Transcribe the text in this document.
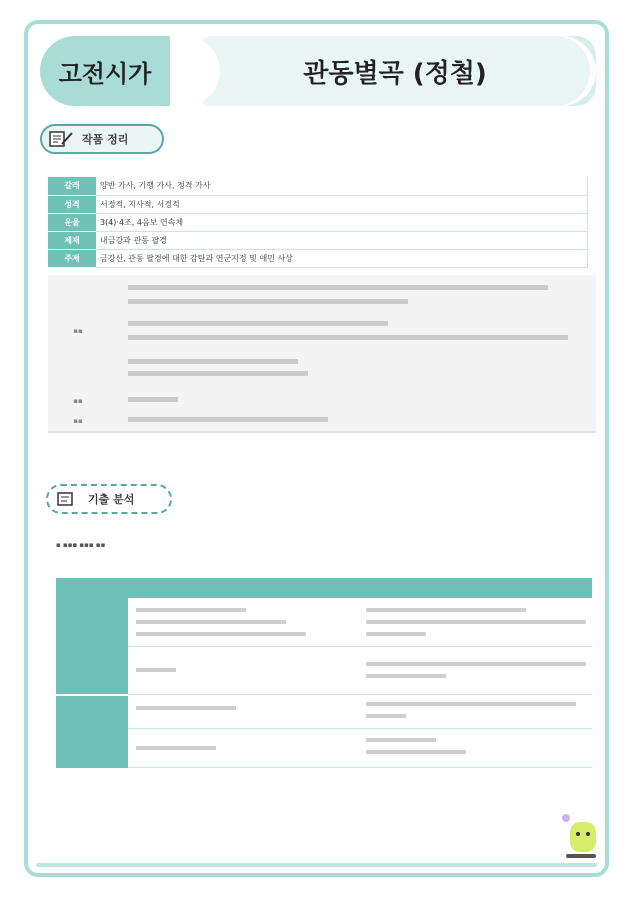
관동별곡 (정철)
고전시가
작품 정리
갈래	양반 가사, 기행 가사, 정격 가사
성격	서정적, 지사적, 서경적
운율	3(4)·4조, 4음보 연속체
제재	내금강과 관동 팔경
주제	금강산, 관동 팔경에 대한 감탄과 연군지정 및 애민 사상
▪▪
▪▪
▪▪
기출 분석
▪ ▪▪▪ ▪▪▪ ▪▪
